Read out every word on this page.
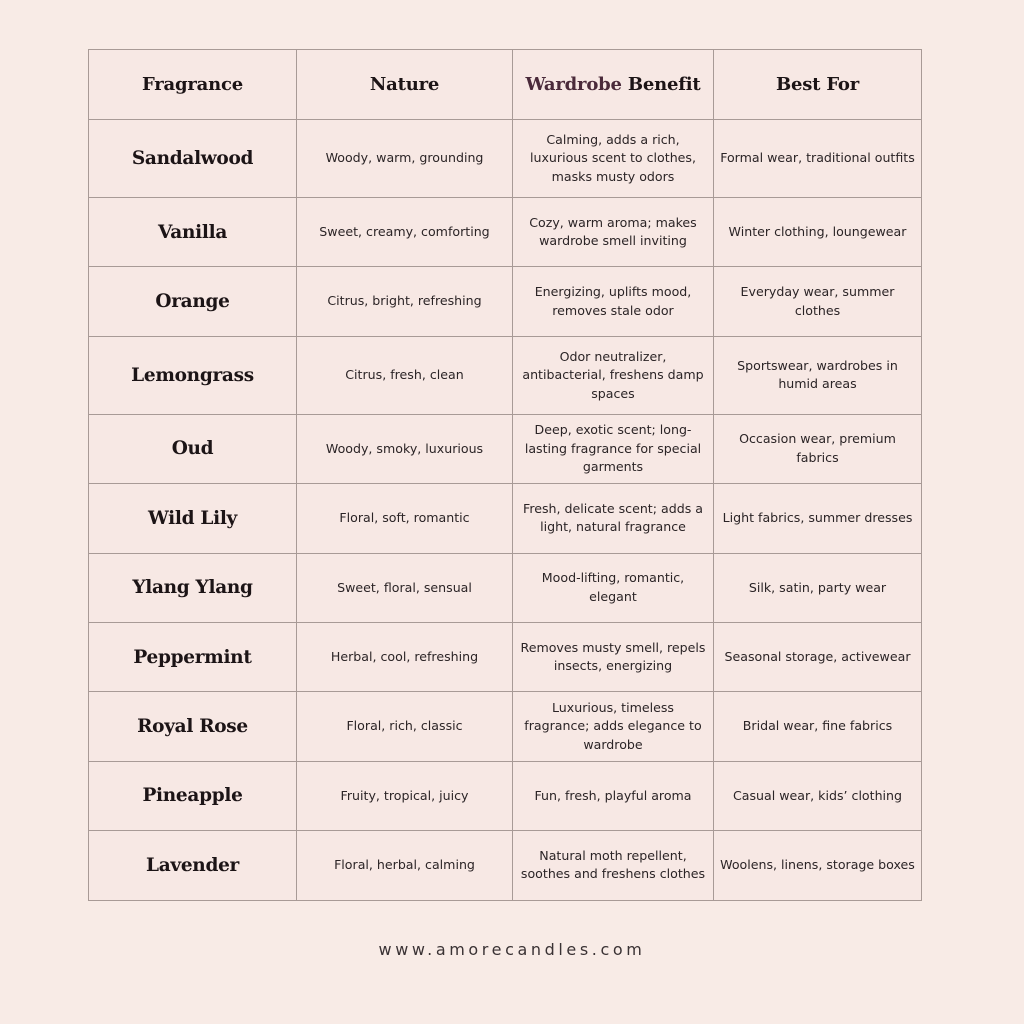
Fragrance	Nature	Wardrobe Benefit	Best For
Sandalwood	Woody, warm, grounding	Calming, adds a rich, luxurious scent to clothes, masks musty odors	Formal wear, traditional outfits
Vanilla	Sweet, creamy, comforting	Cozy, warm aroma; makes wardrobe smell inviting	Winter clothing, loungewear
Orange	Citrus, bright, refreshing	Energizing, uplifts mood, removes stale odor	Everyday wear, summer clothes
Lemongrass	Citrus, fresh, clean	Odor neutralizer, antibacterial, freshens damp spaces	Sportswear, wardrobes in humid areas
Oud	Woody, smoky, luxurious	Deep, exotic scent; long-lasting fragrance for special garments	Occasion wear, premium fabrics
Wild Lily	Floral, soft, romantic	Fresh, delicate scent; adds a light, natural fragrance	Light fabrics, summer dresses
Ylang Ylang	Sweet, floral, sensual	Mood-lifting, romantic, elegant	Silk, satin, party wear
Peppermint	Herbal, cool, refreshing	Removes musty smell, repels insects, energizing	Seasonal storage, activewear
Royal Rose	Floral, rich, classic	Luxurious, timeless fragrance; adds elegance to wardrobe	Bridal wear, fine fabrics
Pineapple	Fruity, tropical, juicy	Fun, fresh, playful aroma	Casual wear, kids’ clothing
Lavender	Floral, herbal, calming	Natural moth repellent, soothes and freshens clothes	Woolens, linens, storage boxes
www.amorecandles.com
